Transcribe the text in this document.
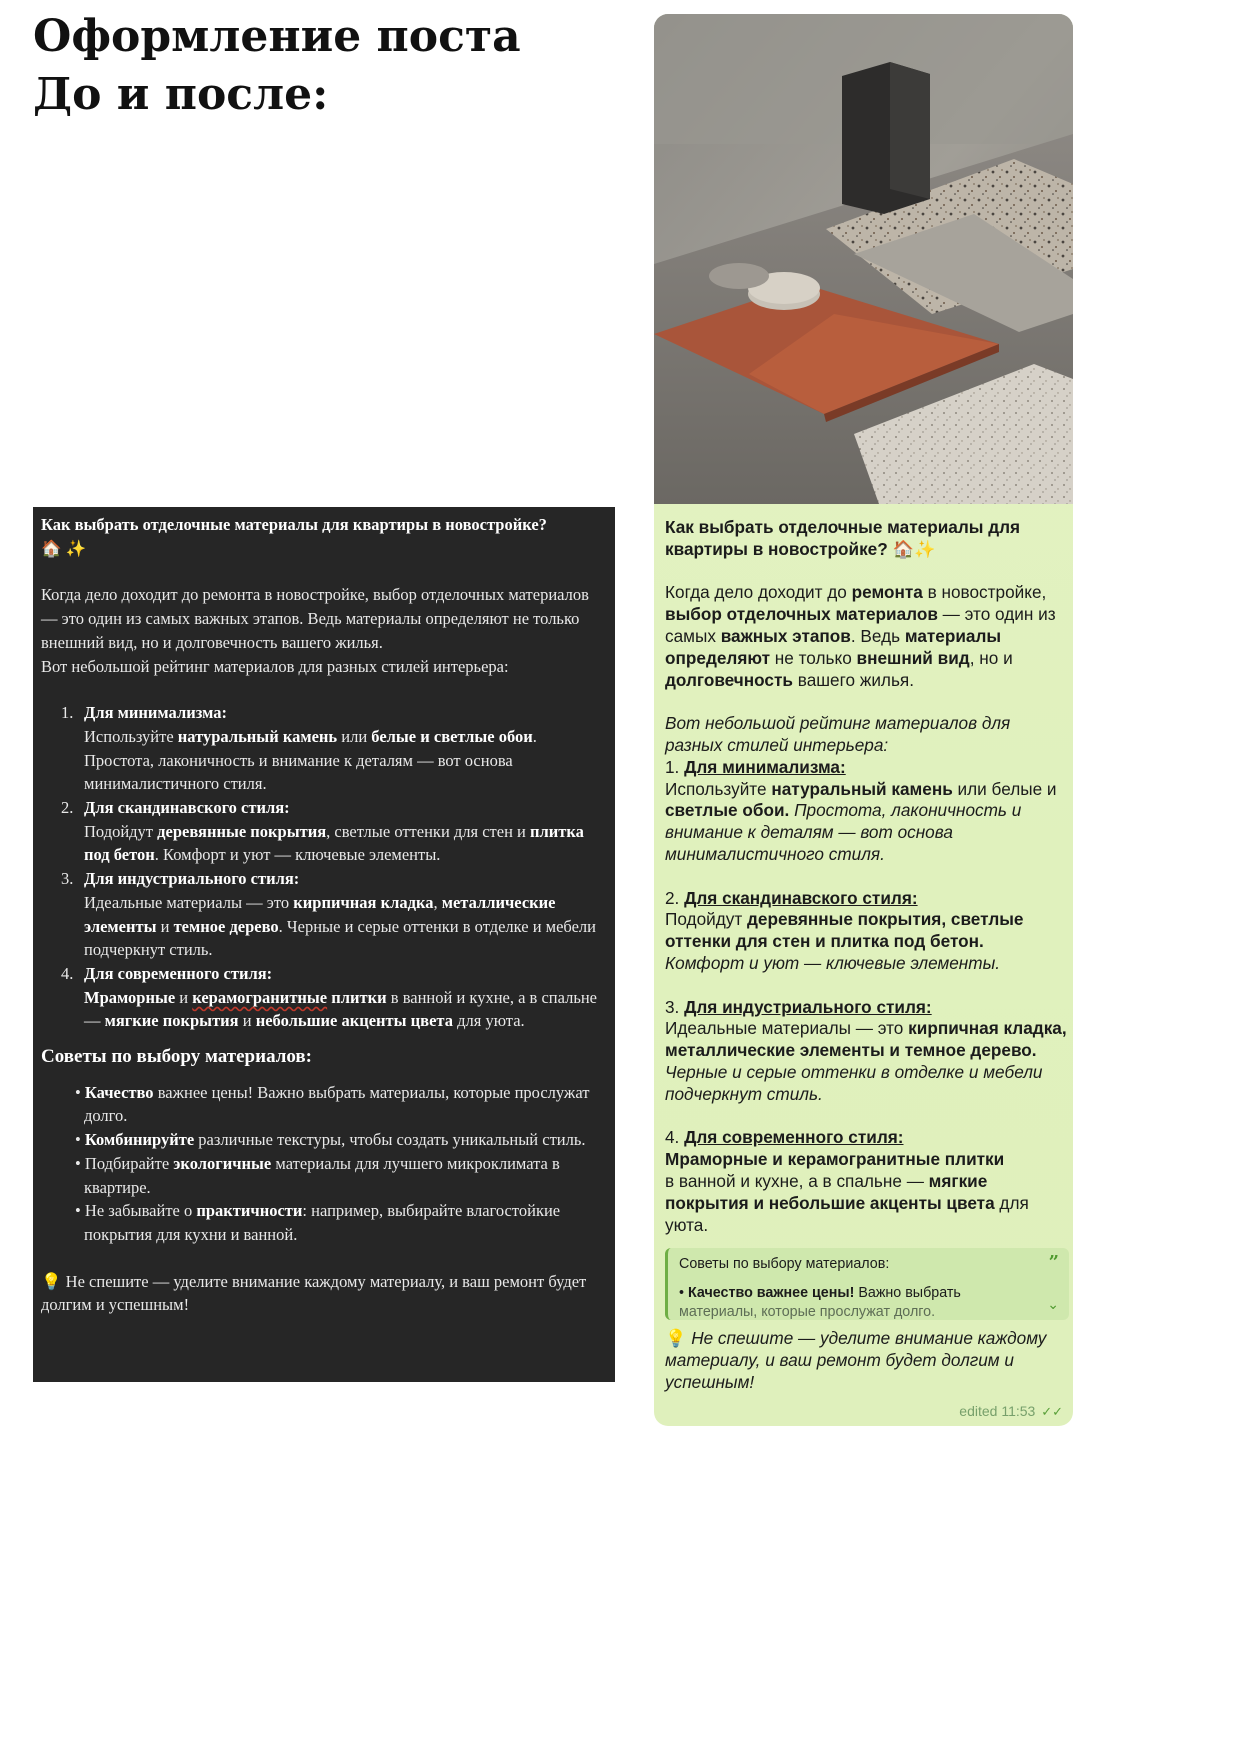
Оформление поста
До и после:

Как выбрать отделочные материалы для квартиры в новостройке?

🏠 ✨

Когда дело доходит до ремонта в новостройке, выбор отделочных материалов — это один из самых важных этапов. Ведь материалы определяют не только внешний вид, но и долговечность вашего жилья.

Вот небольшой рейтинг материалов для разных стилей интерьера:

1. Для минимализма:
Используйте натуральный камень или белые и светлые обои. Простота, лаконичность и внимание к деталям — вот основа минималистичного стиля.
2. Для скандинавского стиля:
Подойдут деревянные покрытия, светлые оттенки для стен и плитка под бетон. Комфорт и уют — ключевые элементы.
3. Для индустриального стиля:
Идеальные материалы — это кирпичная кладка, металлические элементы и темное дерево. Черные и серые оттенки в отделке и мебели подчеркнут стиль.
4. Для современного стиля:
Мраморные и керамогранитные плитки в ванной и кухне, а в спальне — мягкие покрытия и небольшие акценты цвета для уюта.
Советы по выбору материалов:
• Качество важнее цены! Важно выбрать материалы, которые прослужат долго.
• Комбинируйте различные текстуры, чтобы создать уникальный стиль.
• Подбирайте экологичные материалы для лучшего микроклимата в квартире.
• Не забывайте о практичности: например, выбирайте влагостойкие покрытия для кухни и ванной.

💡 Не спешите — уделите внимание каждому материалу, и ваш ремонт будет долгим и успешным!

Как выбрать отделочные материалы для
квартиры в новостройке? 🏠✨

Когда дело доходит до ремонта в новостройке, выбор отделочных материалов — это один из самых важных этапов. Ведь материалы определяют не только внешний вид, но и долговечность вашего жилья.

Вот небольшой рейтинг материалов для разных стилей интерьера:

1. Для минимализма:
Используйте натуральный камень или белые и светлые обои. Простота, лаконичность и внимание к деталям — вот основа минималистичного стиля.

2. Для скандинавского стиля:
Подойдут деревянные покрытия, светлые оттенки для стен и плитка под бетон.
Комфорт и уют — ключевые элементы.

3. Для индустриального стиля:
Идеальные материалы — это кирпичная кладка, металлические элементы и темное дерево. Черные и серые оттенки в отделке и мебели подчеркнут стиль.

4. Для современного стиля:
Мраморные и керамогранитные плитки
в ванной и кухне, а в спальне — мягкие покрытия и небольшие акценты цвета для уюта.

Советы по выбору материалов:
• Качество важнее цены! Важно выбрать
материалы, которые прослужат долго.
”
⌄

💡 Не спешите — уделите внимание каждому материалу, и ваш ремонт будет долгим и успешным!

edited 11:53 ✓✓
